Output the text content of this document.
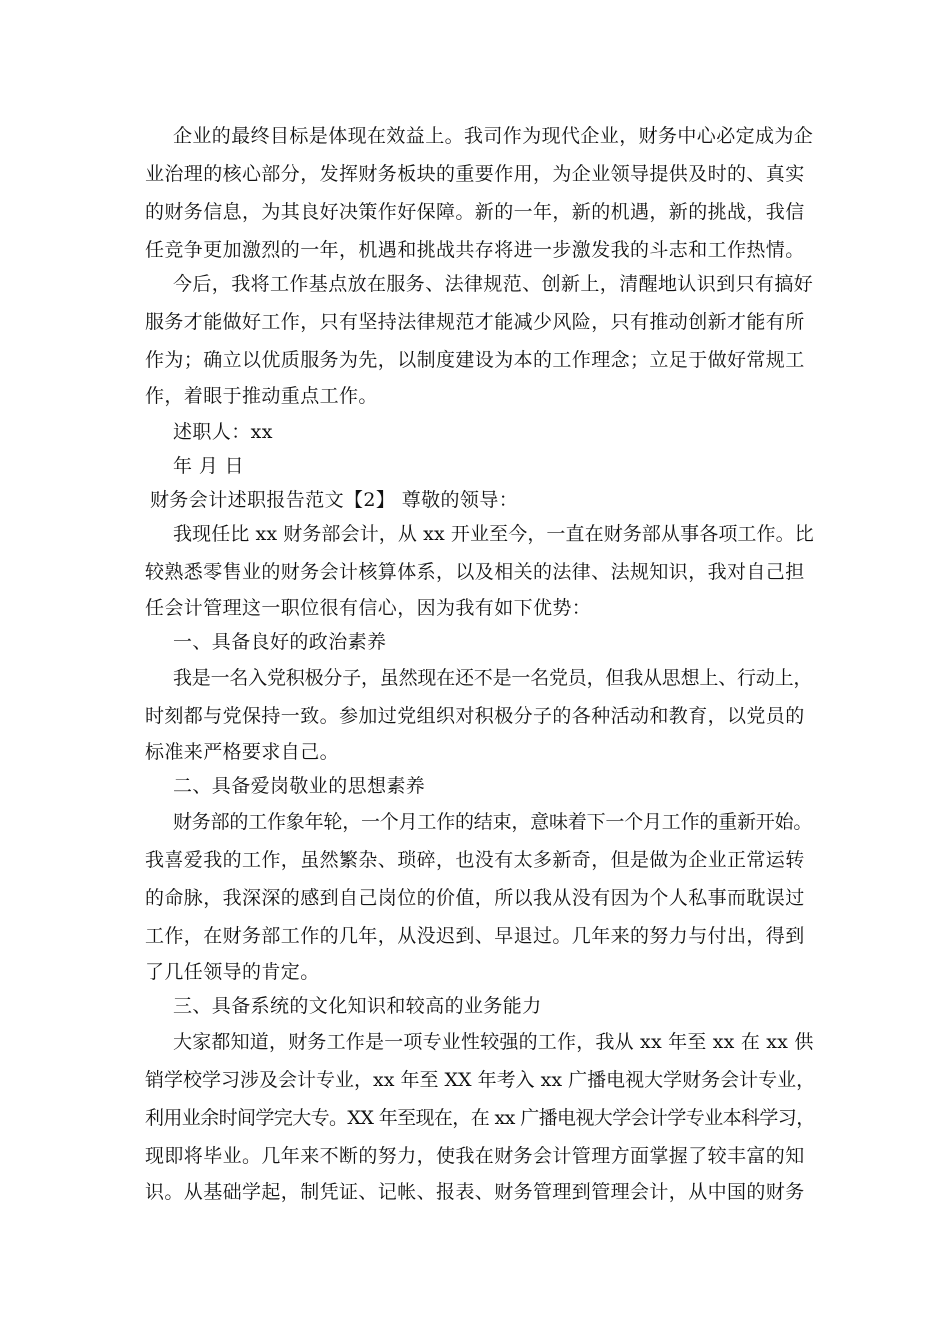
企业的最终目标是体现在效益上。我司作为现代企业，财务中心必定成为企
业治理的核心部分，发挥财务板块的重要作用，为企业领导提供及时的、真实
的财务信息，为其良好决策作好保障。新的一年，新的机遇，新的挑战，我信
任竞争更加激烈的一年，机遇和挑战共存将进一步激发我的斗志和工作热情。
今后，我将工作基点放在服务、法律规范、创新上，清醒地认识到只有搞好
服务才能做好工作，只有坚持法律规范才能减少风险，只有推动创新才能有所
作为；确立以优质服务为先，以制度建设为本的工作理念；立足于做好常规工
作，着眼于推动重点工作。
述职人：xx
年 月 日
财务会计述职报告范文【2】 尊敬的领导：
我现任比 xx 财务部会计，从 xx 开业至今，一直在财务部从事各项工作。比
较熟悉零售业的财务会计核算体系，以及相关的法律、法规知识，我对自己担
任会计管理这一职位很有信心，因为我有如下优势：
一、具备良好的政治素养
我是一名入党积极分子，虽然现在还不是一名党员，但我从思想上、行动上，
时刻都与党保持一致。参加过党组织对积极分子的各种活动和教育，以党员的
标准来严格要求自己。
二、具备爱岗敬业的思想素养
财务部的工作象年轮，一个月工作的结束，意味着下一个月工作的重新开始。
我喜爱我的工作，虽然繁杂、琐碎，也没有太多新奇，但是做为企业正常运转
的命脉，我深深的感到自己岗位的价值，所以我从没有因为个人私事而耽误过
工作，在财务部工作的几年，从没迟到、早退过。几年来的努力与付出，得到
了几任领导的肯定。
三、具备系统的文化知识和较高的业务能力
大家都知道，财务工作是一项专业性较强的工作，我从 xx 年至 xx 在 xx 供
销学校学习涉及会计专业，xx 年至 XX 年考入 xx 广播电视大学财务会计专业，
利用业余时间学完大专。XX 年至现在，在 xx 广播电视大学会计学专业本科学习，
现即将毕业。几年来不断的努力，使我在财务会计管理方面掌握了较丰富的知
识。从基础学起，制凭证、记帐、报表、财务管理到管理会计，从中国的财务
